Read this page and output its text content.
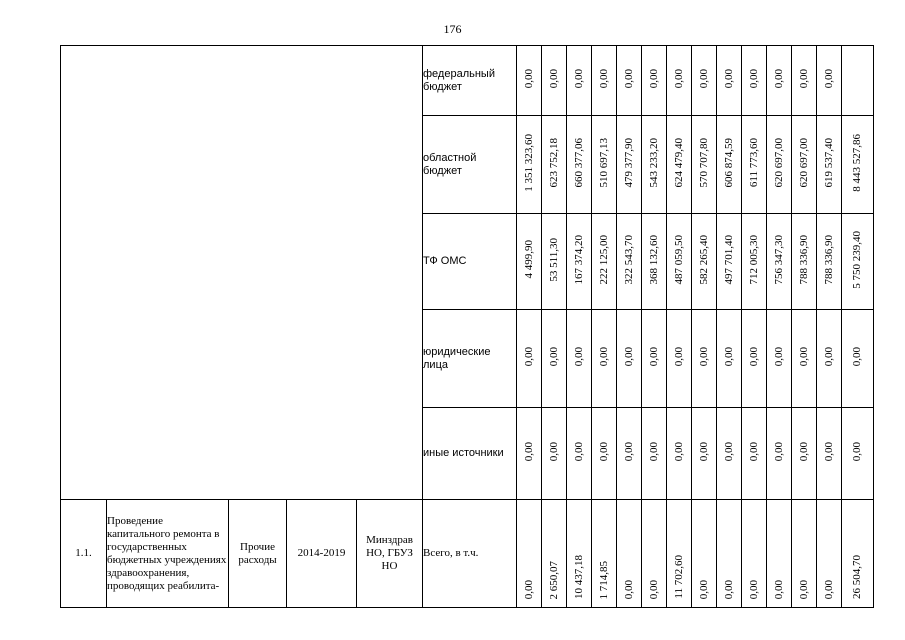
176
					федеральный бюджет	0,00	0,00	0,00	0,00	0,00	0,00	0,00	0,00	0,00	0,00	0,00	0,00	0,00	
					областной бюджет	1 351 323,60	623 752,18	660 377,06	510 697,13	479 377,90	543 233,20	624 479,40	570 707,80	606 874,59	611 773,60	620 697,00	620 697,00	619 537,40	8 443 527,86
					ТФ ОМС	4 499,90	53 511,30	167 374,20	222 125,00	322 543,70	368 132,60	487 059,50	582 265,40	497 701,40	712 005,30	756 347,30	788 336,90	788 336,90	5 750 239,40
					юридические лица	0,00	0,00	0,00	0,00	0,00	0,00	0,00	0,00	0,00	0,00	0,00	0,00	0,00	0,00
					иные источники	0,00	0,00	0,00	0,00	0,00	0,00	0,00	0,00	0,00	0,00	0,00	0,00	0,00	0,00
1.1.	Проведение капитального ремонта в государственных бюджетных учреждениях здравоохранения, проводящих реабилита-	Прочие расходы	2014-2019	Минздрав НО, ГБУЗ НО	Всего, в т.ч.	0,00	2 650,07	10 437,18	1 714,85	0,00	0,00	11 702,60	0,00	0,00	0,00	0,00	0,00	0,00	26 504,70
